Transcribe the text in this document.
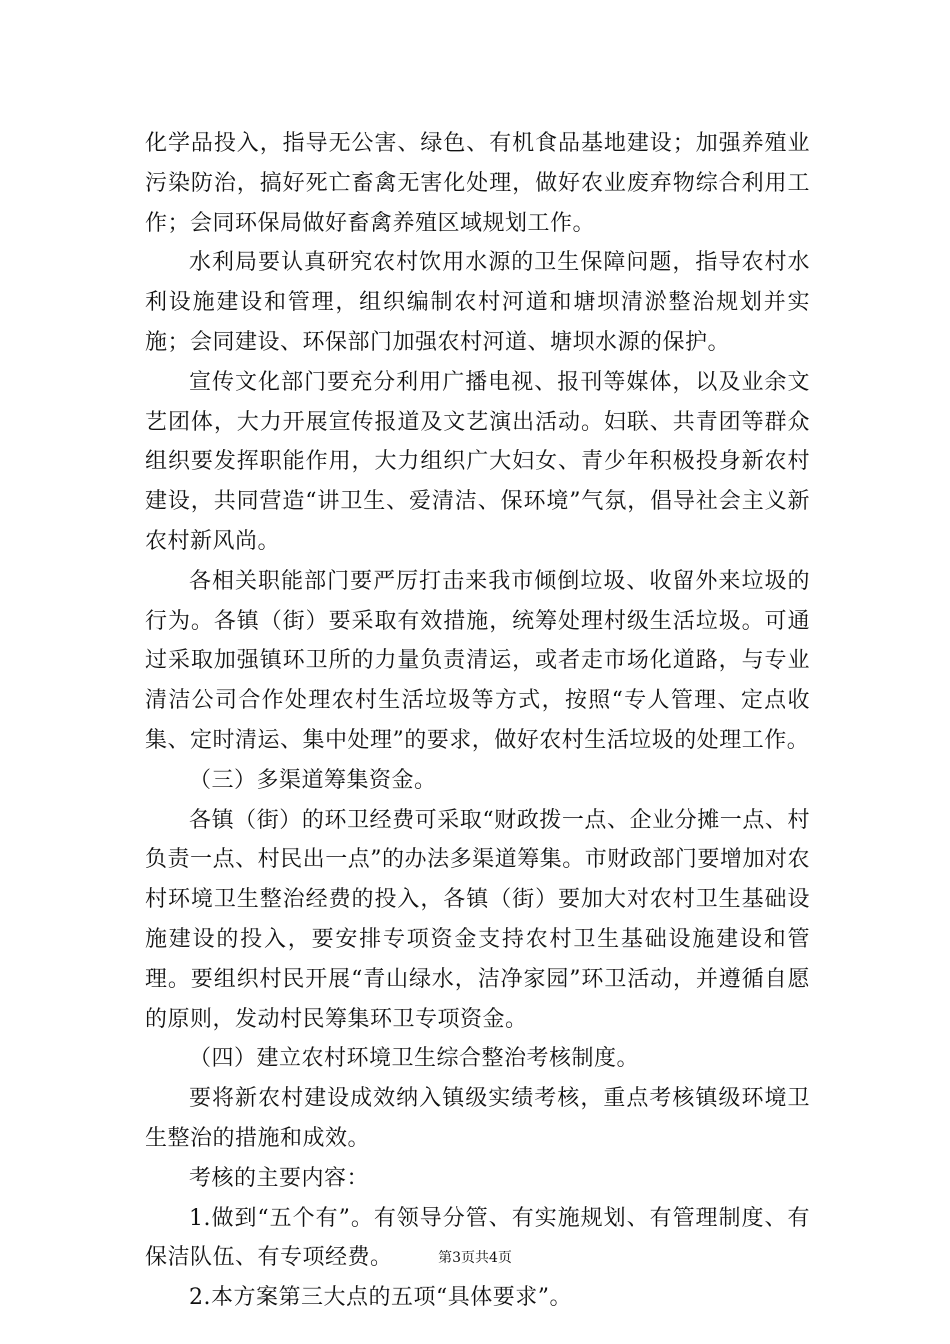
化学品投入，指导无公害、绿色、有机食品基地建设；加强养殖业污染防治，搞好死亡畜禽无害化处理，做好农业废弃物综合利用工作；会同环保局做好畜禽养殖区域规划工作。

水利局要认真研究农村饮用水源的卫生保障问题，指导农村水利设施建设和管理，组织编制农村河道和塘坝清淤整治规划并实施；会同建设、环保部门加强农村河道、塘坝水源的保护。

宣传文化部门要充分利用广播电视、报刊等媒体，以及业余文艺团体，大力开展宣传报道及文艺演出活动。妇联、共青团等群众组织要发挥职能作用，大力组织广大妇女、青少年积极投身新农村建设，共同营造“讲卫生、爱清洁、保环境”气氛，倡导社会主义新农村新风尚。

各相关职能部门要严厉打击来我市倾倒垃圾、收留外来垃圾的行为。各镇（街）要采取有效措施，统筹处理村级生活垃圾。可通过采取加强镇环卫所的力量负责清运，或者走市场化道路，与专业清洁公司合作处理农村生活垃圾等方式，按照“专人管理、定点收集、定时清运、集中处理”的要求，做好农村生活垃圾的处理工作。

（三）多渠道筹集资金。

各镇（街）的环卫经费可采取“财政拨一点、企业分摊一点、村负责一点、村民出一点”的办法多渠道筹集。市财政部门要增加对农村环境卫生整治经费的投入，各镇（街）要加大对农村卫生基础设施建设的投入，要安排专项资金支持农村卫生基础设施建设和管理。要组织村民开展“青山绿水，洁净家园”环卫活动，并遵循自愿的原则，发动村民筹集环卫专项资金。

（四）建立农村环境卫生综合整治考核制度。

要将新农村建设成效纳入镇级实绩考核，重点考核镇级环境卫生整治的措施和成效。

考核的主要内容：

1.做到“五个有”。有领导分管、有实施规划、有管理制度、有保洁队伍、有专项经费。

2.本方案第三大点的五项“具体要求”。

第3页共4页
